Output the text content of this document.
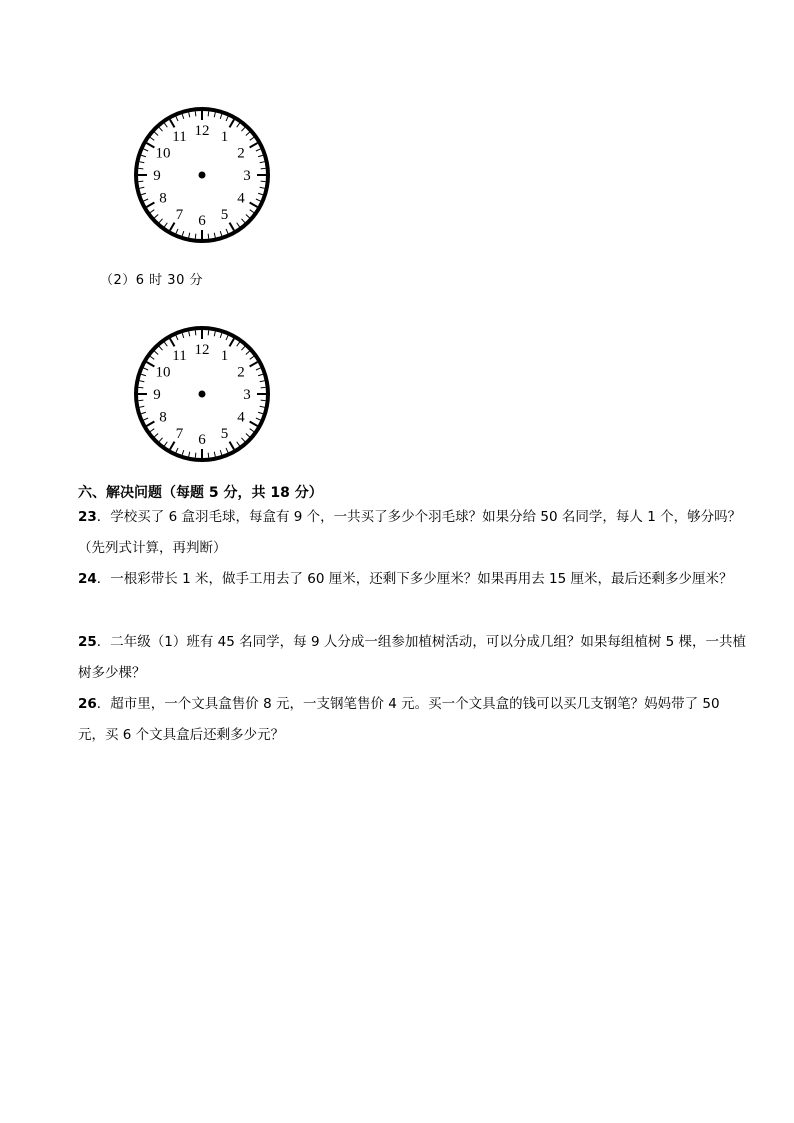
12 1
2
3
4
5
6
7
8
9
10
11
（2）6 时 30 分
12 1
2
3
4
5
6
7
8
9
10
11
六、解决问题（每题 5 分，共 18 分）
23．学校买了 6 盒羽毛球，每盒有 9 个，一共买了多少个羽毛球？如果分给 50 名同学，每人 1 个，够分吗？（先列式计算，再判断）
24．一根彩带长 1 米，做手工用去了 60 厘米，还剩下多少厘米？如果再用去 15 厘米，最后还剩多少厘米？
25．二年级（1）班有 45 名同学，每 9 人分成一组参加植树活动，可以分成几组？如果每组植树 5 棵，一共植树多少棵？
26．超市里，一个文具盒售价 8 元，一支钢笔售价 4 元。买一个文具盒的钱可以买几支钢笔？妈妈带了 50 元，买 6 个文具盒后还剩多少元？
